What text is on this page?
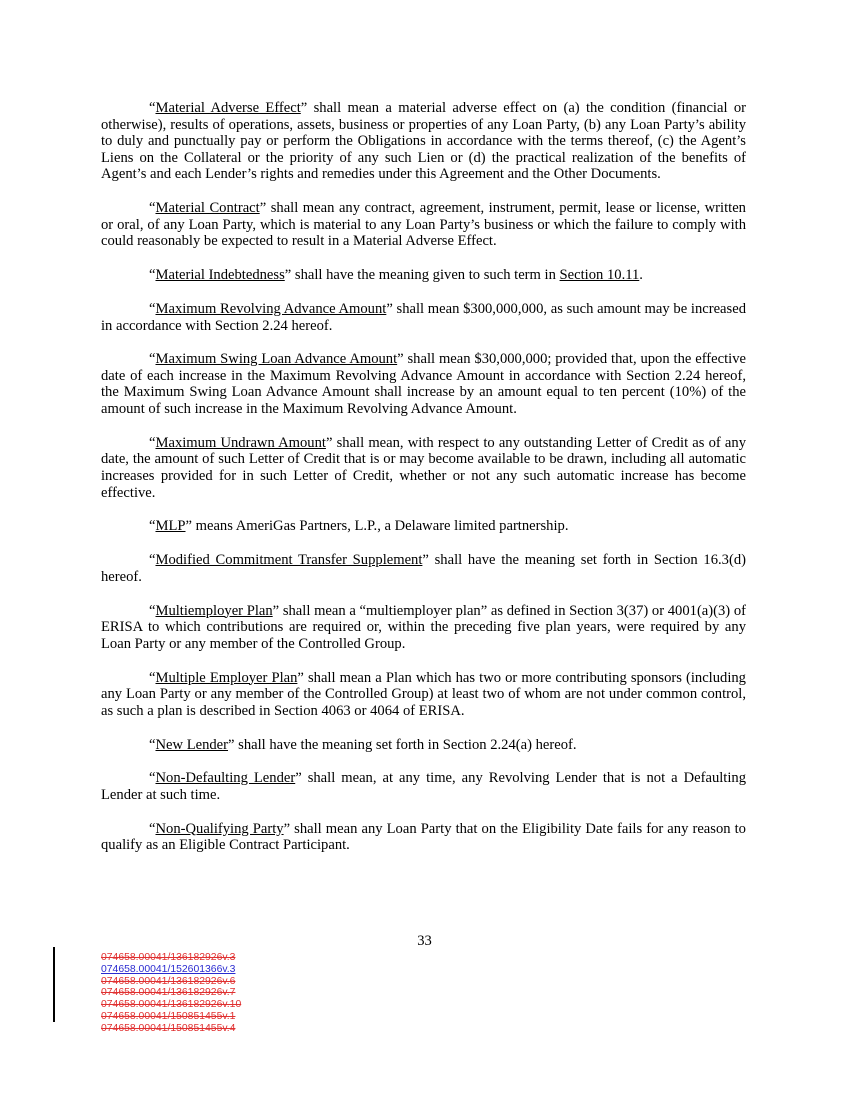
“Material Adverse Effect” shall mean a material adverse effect on (a) the condition (financial or otherwise), results of operations, assets, business or properties of any Loan Party, (b) any Loan Party’s ability to duly and punctually pay or perform the Obligations in accordance with the terms thereof, (c) the Agent’s Liens on the Collateral or the priority of any such Lien or (d) the practical realization of the benefits of Agent’s and each Lender’s rights and remedies under this Agreement and the Other Documents.

“Material Contract” shall mean any contract, agreement, instrument, permit, lease or license, written or oral, of any Loan Party, which is material to any Loan Party’s business or which the failure to comply with could reasonably be expected to result in a Material Adverse Effect.

“Material Indebtedness” shall have the meaning given to such term in Section 10.11.

“Maximum Revolving Advance Amount” shall mean $300,000,000, as such amount may be increased in accordance with Section 2.24 hereof.

“Maximum Swing Loan Advance Amount” shall mean $30,000,000; provided that, upon the effective date of each increase in the Maximum Revolving Advance Amount in accordance with Section 2.24 hereof, the Maximum Swing Loan Advance Amount shall increase by an amount equal to ten percent (10%) of the amount of such increase in the Maximum Revolving Advance Amount.

“Maximum Undrawn Amount” shall mean, with respect to any outstanding Letter of Credit as of any date, the amount of such Letter of Credit that is or may become available to be drawn, including all automatic increases provided for in such Letter of Credit, whether or not any such automatic increase has become effective.

“MLP” means AmeriGas Partners, L.P., a Delaware limited partnership.

“Modified Commitment Transfer Supplement” shall have the meaning set forth in Section 16.3(d) hereof.

“Multiemployer Plan” shall mean a “multiemployer plan” as defined in Section 3(37) or 4001(a)(3) of ERISA to which contributions are required or, within the preceding five plan years, were required by any Loan Party or any member of the Controlled Group.

“Multiple Employer Plan” shall mean a Plan which has two or more contributing sponsors (including any Loan Party or any member of the Controlled Group) at least two of whom are not under common control, as such a plan is described in Section 4063 or 4064 of ERISA.

“New Lender” shall have the meaning set forth in Section 2.24(a) hereof.

“Non-Defaulting Lender” shall mean, at any time, any Revolving Lender that is not a Defaulting Lender at such time.

“Non-Qualifying Party” shall mean any Loan Party that on the Eligibility Date fails for any reason to qualify as an Eligible Contract Participant.

33
074658.00041/136182926v.3
074658.00041/152601366v.3
074658.00041/136182926v.6
074658.00041/136182926v.7
074658.00041/136182926v.10
074658.00041/150851455v.1
074658.00041/150851455v.4
